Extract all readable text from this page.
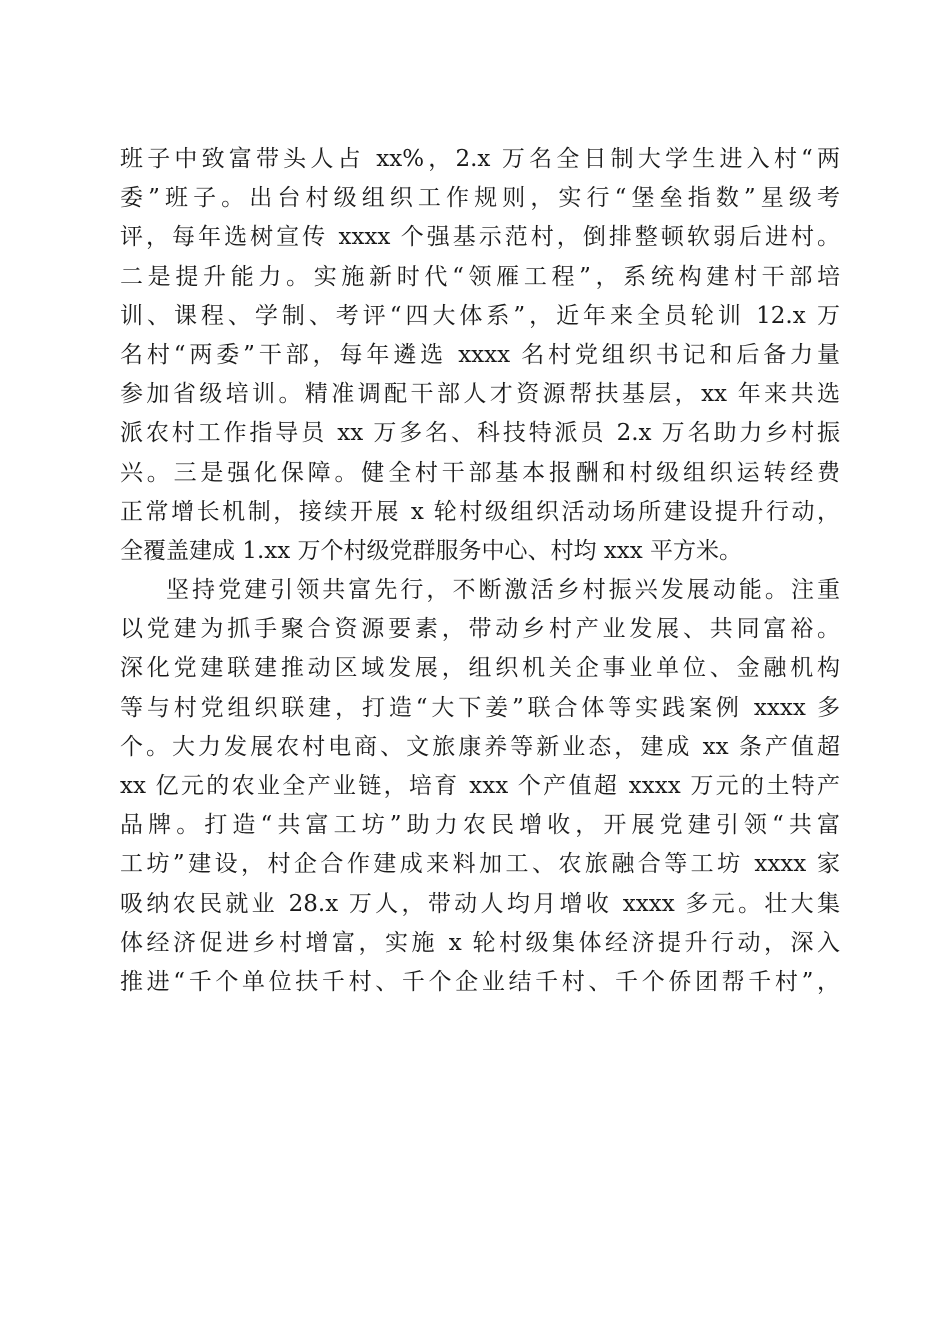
班子中致富带头人占 xx%，2.x 万名全日制大学生进入村“两
委”班子。出台村级组织工作规则，实行“堡垒指数”星级考
评，每年选树宣传 xxxx 个强基示范村，倒排整顿软弱后进村。
二是提升能力。实施新时代“领雁工程”，系统构建村干部培
训、课程、学制、考评“四大体系”，近年来全员轮训 12.x 万
名村“两委”干部，每年遴选 xxxx 名村党组织书记和后备力量
参加省级培训。精准调配干部人才资源帮扶基层，xx 年来共选
派农村工作指导员 xx 万多名、科技特派员 2.x 万名助力乡村振
兴。三是强化保障。健全村干部基本报酬和村级组织运转经费
正常增长机制，接续开展 x 轮村级组织活动场所建设提升行动，
全覆盖建成 1.xx 万个村级党群服务中心、村均 xxx 平方米。
坚持党建引领共富先行，不断激活乡村振兴发展动能。注重
以党建为抓手聚合资源要素，带动乡村产业发展、共同富裕。
深化党建联建推动区域发展，组织机关企事业单位、金融机构
等与村党组织联建，打造“大下姜”联合体等实践案例 xxxx 多
个。大力发展农村电商、文旅康养等新业态，建成 xx 条产值超
xx 亿元的农业全产业链，培育 xxx 个产值超 xxxx 万元的土特产
品牌。打造“共富工坊”助力农民增收，开展党建引领“共富
工坊”建设，村企合作建成来料加工、农旅融合等工坊 xxxx 家
吸纳农民就业 28.x 万人，带动人均月增收 xxxx 多元。壮大集
体经济促进乡村增富，实施 x 轮村级集体经济提升行动，深入
推进“千个单位扶千村、千个企业结千村、千个侨团帮千村”，
